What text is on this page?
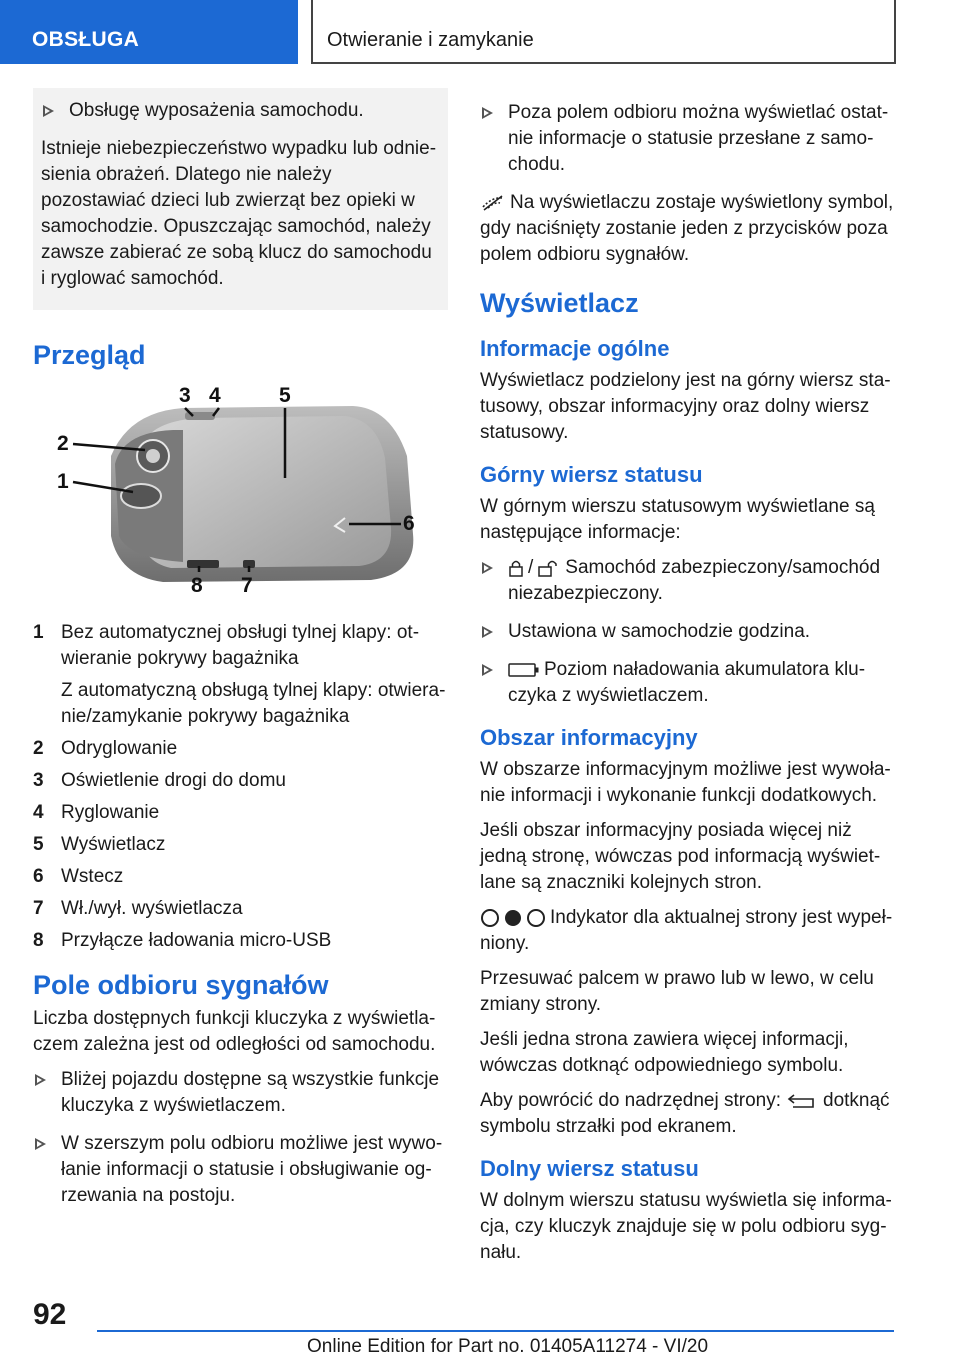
OBSŁUGA	Otwieranie i zamykanie
Obsługę wyposażenia samochodu.

Istnieje niebezpieczeństwo wypadku lub odniesienia obrażeń. Dlatego nie należy pozostawiać dzieci lub zwierząt bez opieki w samochodzie. Opuszczając samochód, należy zawsze zabierać ze sobą klucz do samochodu i ryglować samochód.

Przegląd
3 4	5
2
1
6
7
8
1 Bez automatycznej obsługi tylnej klapy: otwieranie pokrywy bagażnika
Z automatyczną obsługą tylnej klapy: otwieranie/zamykanie pokrywy bagażnika
2 Odryglowanie
3 Oświetlenie drogi do domu
4 Ryglowanie
5 Wyświetlacz
6 Wstecz
7 Wł./wył. wyświetlacza
8 Przyłącze ładowania micro-USB
Pole odbioru sygnałów

Liczba dostępnych funkcji kluczyka z wyświetlaczem zależna jest od odległości od samochodu.

Bliżej pojazdu dostępne są wszystkie funkcje kluczyka z wyświetlaczem.
W szerszym polu odbioru możliwe jest wywołanie informacji o statusie i obsługiwanie ogrzewania na postoju.
Poza polem odbioru można wyświetlać ostatnie informacje o statusie przesłane z samochodu.

Na wyświetlaczu zostaje wyświetlony symbol, gdy naciśnięty zostanie jeden z przycisków poza polem odbioru sygnałów.

Wyświetlacz
Informacje ogólne

Wyświetlacz podzielony jest na górny wiersz statusowy, obszar informacyjny oraz dolny wiersz statusowy.

Górny wiersz statusu

W górnym wierszu statusowym wyświetlane są następujące informacje:

/ Samochód zabezpieczony/samochód niezabezpieczony.
Ustawiona w samochodzie godzina.
Poziom naładowania akumulatora kluczyka z wyświetlaczem.
Obszar informacyjny

W obszarze informacyjnym możliwe jest wywołanie informacji i wykonanie funkcji dodatkowych.

Jeśli obszar informacyjny posiada więcej niż jedną stronę, wówczas pod informacją wyświetlane są znaczniki kolejnych stron.

Indykator dla aktualnej strony jest wypełniony.

Przesuwać palcem w prawo lub w lewo, w celu zmiany strony.

Jeśli jedna strona zawiera więcej informacji, wówczas dotknąć odpowiedniego symbolu.

Aby powrócić do nadrzędnej strony: dotknąć symbolu strzałki pod ekranem.

Dolny wiersz statusu

W dolnym wierszu statusu wyświetla się informacja, czy kluczyk znajduje się w polu odbioru sygnału.

92
Online Edition for Part no. 01405A11274 - VI/20
